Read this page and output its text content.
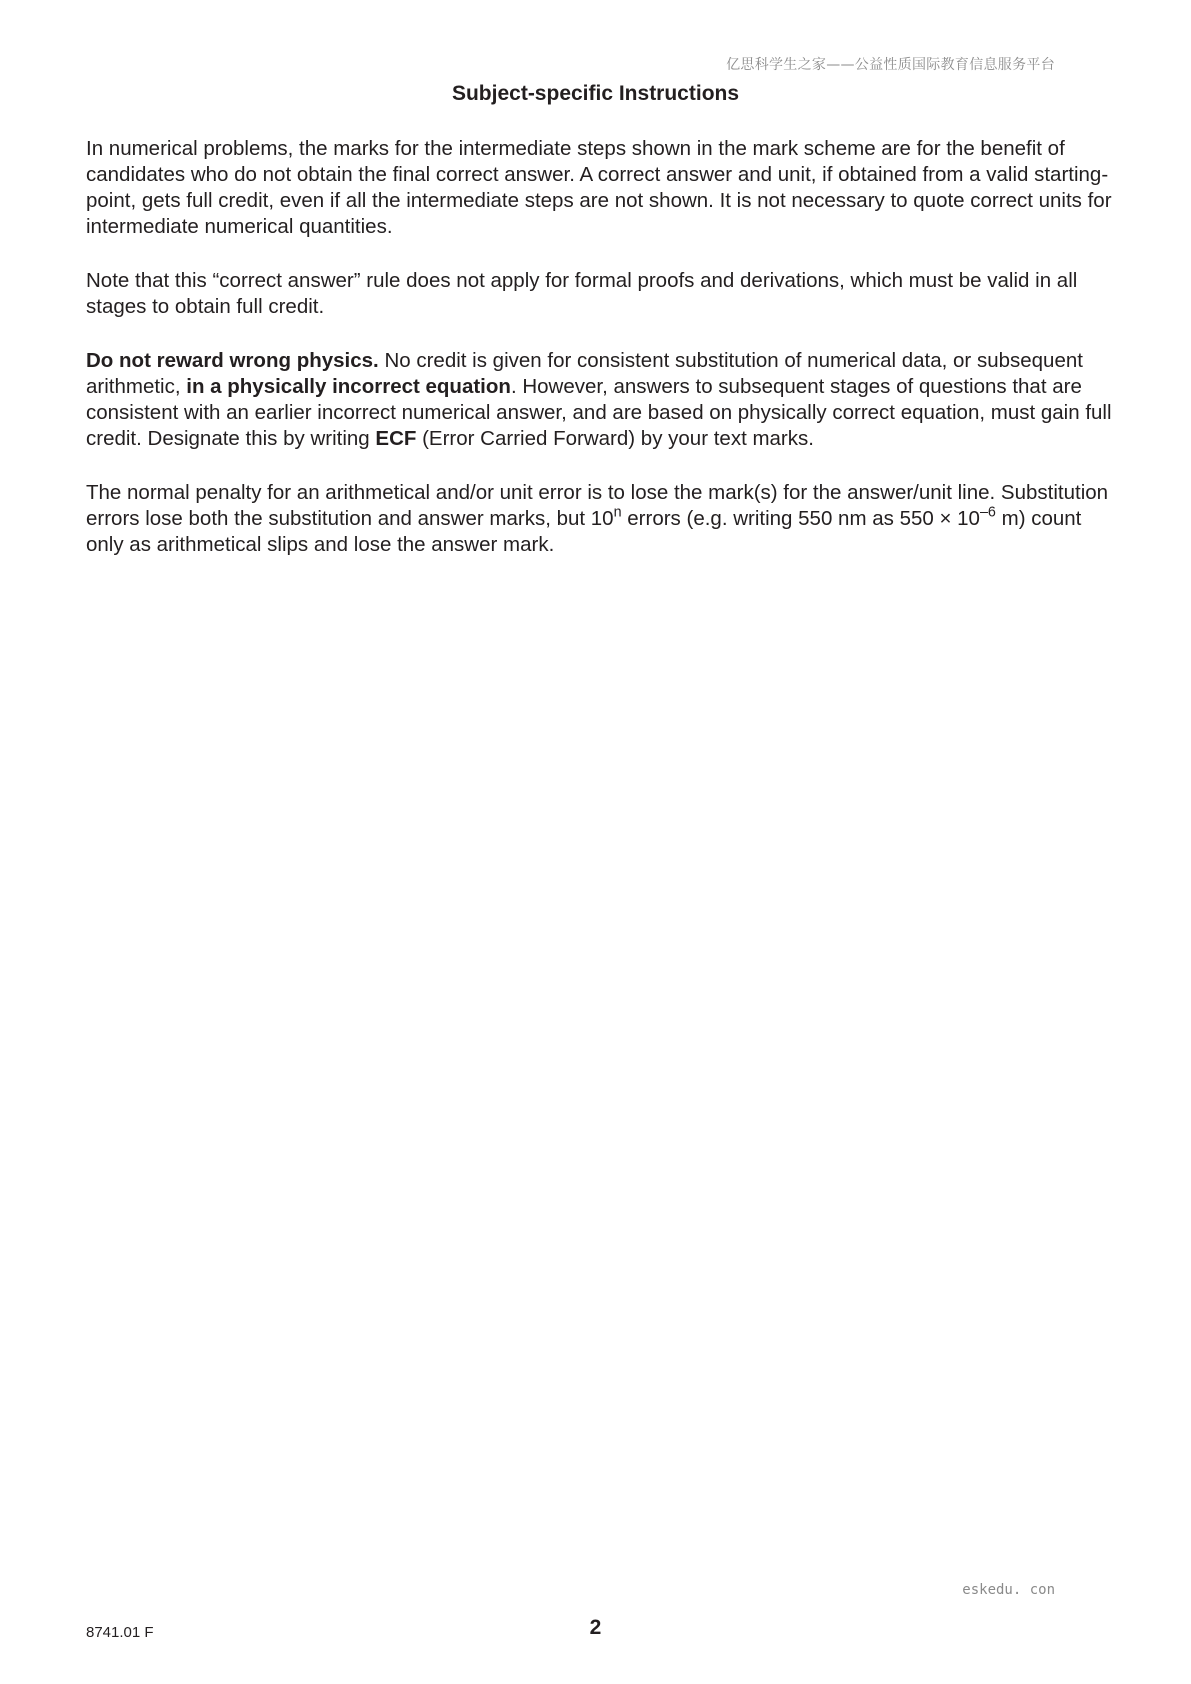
亿思科学生之家——公益性质国际教育信息服务平台
Subject-specific Instructions

In numerical problems, the marks for the intermediate steps shown in the mark scheme are for the benefit of candidates who do not obtain the final correct answer. A correct answer and unit, if obtained from a valid starting-point, gets full credit, even if all the intermediate steps are not shown. It is not necessary to quote correct units for intermediate numerical quantities.

Note that this “correct answer” rule does not apply for formal proofs and derivations, which must be valid in all stages to obtain full credit.

Do not reward wrong physics. No credit is given for consistent substitution of numerical data, or subsequent arithmetic, in a physically incorrect equation. However, answers to subsequent stages of questions that are consistent with an earlier incorrect numerical answer, and are based on physically correct equation, must gain full credit. Designate this by writing ECF (Error Carried Forward) by your text marks.

The normal penalty for an arithmetical and/or unit error is to lose the mark(s) for the answer/unit line. Substitution errors lose both the substitution and answer marks, but 10$^n$ errors (e.g. writing 550 nm as $550 \times 10^{-6}$ m) count only as arithmetical slips and lose the answer mark.

eskedu. con
8741.01 F	2
